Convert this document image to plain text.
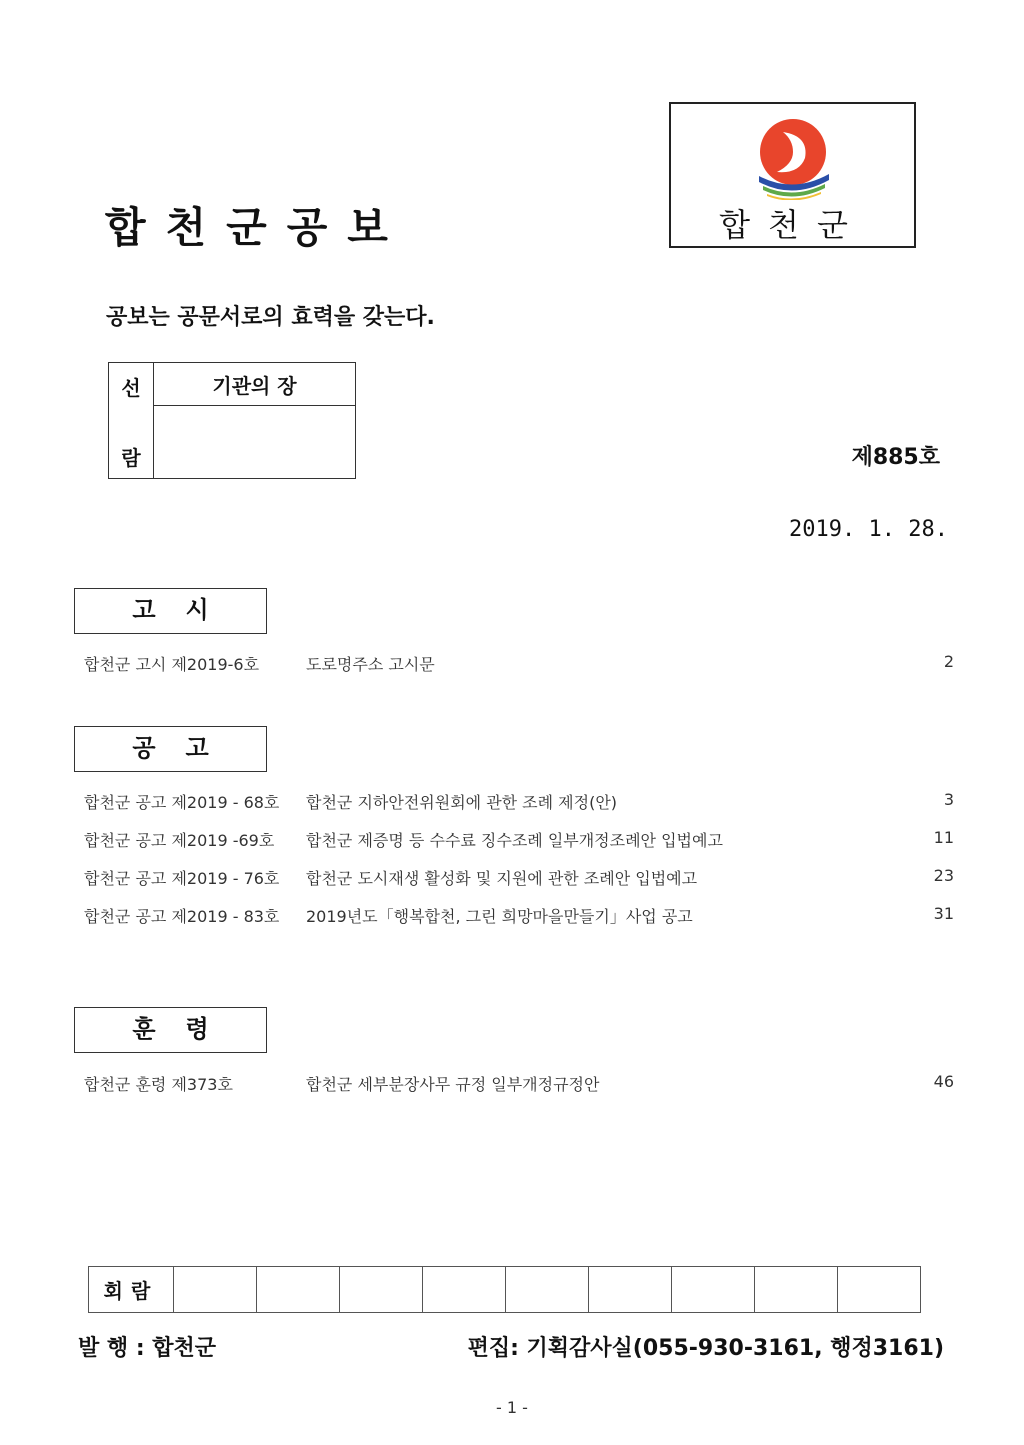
합천군공보	합천군
공보는 공문서로의 효력을 갖는다.
	기관의 장

선
람	제885호
2019. 1. 28.
고시
합천군 고시 제2019-6호	도로명주소 고시문	2
공고
합천군 공고 제2019 - 68호 합천군 지하안전위원회에 관한 조례 제정(안)	3
합천군 공고 제2019 -69호 합천군 제증명 등 수수료 징수조례 일부개정조례안 입법예고	11
합천군 공고 제2019 - 76호 합천군 도시재생 활성화 및 지원에 관한 조례안 입법예고	23
합천군 공고 제2019 - 83호 2019년도「행복합천, 그린 희망마을만들기」사업 공고	31
훈령
합천군 훈령 제373호	합천군 세부분장사무 규정 일부개정규정안	46
회람									
발 행 : 합천군	편집: 기획감사실(055-930-3161, 행정3161)
- 1 -
